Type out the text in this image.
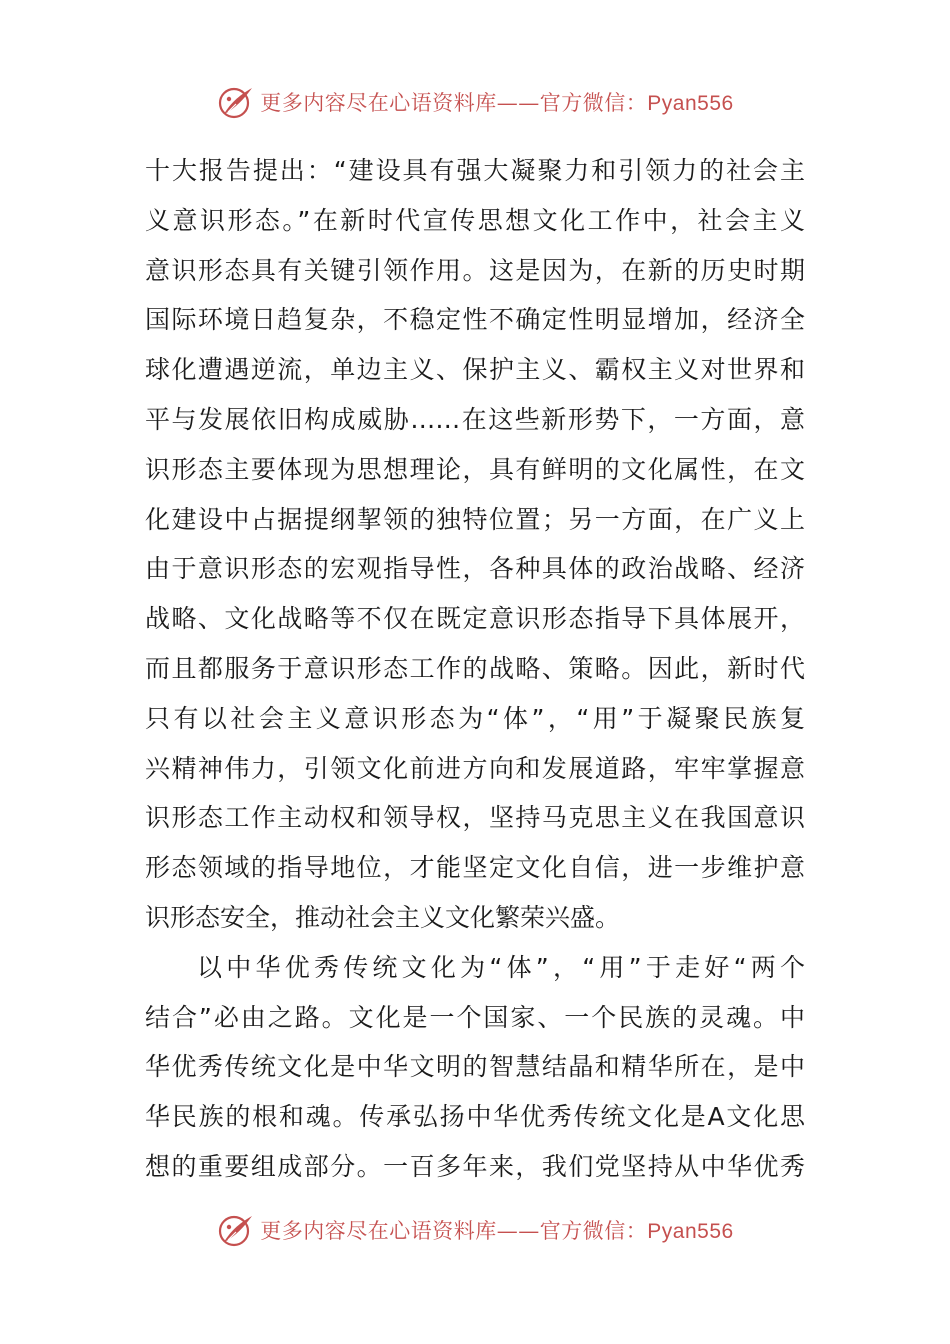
更多内容尽在心语资料库——官方微信：Pyan556
十大报告提出：“建设具有强大凝聚力和引领力的社会主
义意识形态。”在新时代宣传思想文化工作中，社会主义
意识形态具有关键引领作用。这是因为，在新的历史时期
国际环境日趋复杂，不稳定性不确定性明显增加，经济全
球化遭遇逆流，单边主义、保护主义、霸权主义对世界和
平与发展依旧构成威胁……在这些新形势下，一方面，意
识形态主要体现为思想理论，具有鲜明的文化属性，在文
化建设中占据提纲挈领的独特位置；另一方面，在广义上
由于意识形态的宏观指导性，各种具体的政治战略、经济
战略、文化战略等不仅在既定意识形态指导下具体展开，
而且都服务于意识形态工作的战略、策略。因此，新时代
只有以社会主义意识形态为“体”，“用”于凝聚民族复
兴精神伟力，引领文化前进方向和发展道路，牢牢掌握意
识形态工作主动权和领导权，坚持马克思主义在我国意识
形态领域的指导地位，才能坚定文化自信，进一步维护意
识形态安全，推动社会主义文化繁荣兴盛。
以中华优秀传统文化为“体”，“用”于走好“两个
结合”必由之路。文化是一个国家、一个民族的灵魂。中
华优秀传统文化是中华文明的智慧结晶和精华所在，是中
华民族的根和魂。传承弘扬中华优秀传统文化是A文化思
想的重要组成部分。一百多年来，我们党坚持从中华优秀
更多内容尽在心语资料库——官方微信：Pyan556
